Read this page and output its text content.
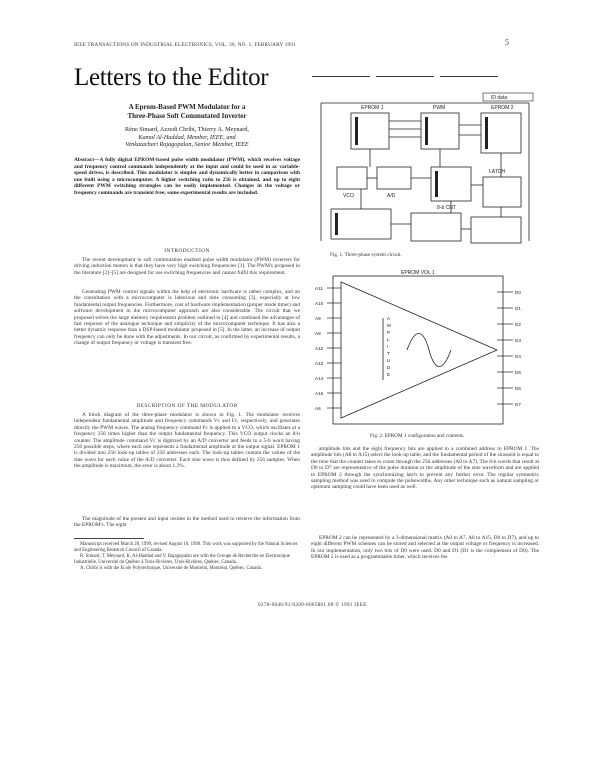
IEEE TRANSACTIONS ON INDUSTRIAL ELECTRONICS, VOL. 38, NO. 1, FEBRUARY 1991	5
Letters to the Editor
A Eprom-Based PWM Modulator for a
Three-Phase Soft Commutated Inverter
Réne Simard, Azzedi Chribi, Thierry A. Meynard,
Kamal Al-Haddad, Member, IEEE, and
Venkatachari Rajagopalan, Senior Member, IEEE
Abstract—A fully digital EPROM-based pulse width modulator (PWM), which receives voltage and frequency control commands independently at the input and could be used in ac variable-speed drives, is described. This modulator is simpler and dynamically better in comparison with one built using a microcomputer. A higher switching ratio to 256 is obtained, and up to eight different PWM switching strategies can be easily implemented. Changes in the voltage or frequency commands are transient free; some experimental results are included.
INTRODUCTION
The recent development in soft commutation enabled pulse width modulator (PWM) inverters for driving induction motors is that they have very high switching frequencies [1]. The PWM's proposed in the literature [2]–[5] are designed for use switching frequencies and cannot fulfil this requirement.
Generating PWM control signals within the help of electronic hardware is rather complex, and on the consultation with a microcomputer is laborious and time consuming [3], especially at low fundamental output frequencies. Furthermore, cost of hardware implementation (proper mode timer) and software development in the microcomputer approach are also considerable. The circuit that we proposed solves the large memory requirement problem outlined in [4] and combined the advantages of fast response of the analogue technique and simplicity of the microcomputer technique. It has also a better dynamic response than a DSP-based modulator proposed in [5]. In the latter, an increase of output frequency can only be done with the adjustments. In our circuit, as confirmed by experimental results, a change of output frequency or voltage is transient free.
DESCRIPTION OF THE MODULATOR
A block diagram of the three-phase modulator is shown in Fig. 1. The modulator receives independent fundamental amplitude and frequency commands Vc and Fc, respectively, and generates directly the PWM waves. The analog frequency command Fc is applied to a VCO, which oscillates at a frequency 256 times higher than the output fundamental frequency. This VCO output clocks an 8-b counter. The amplitude command Vc is digitized by an A/D converter and feeds to a 5-b word having 256 possible steps, where each one represents a fundamental amplitude at the output signal. EPROM 1 is divided into 256 look-up tables of 256 addresses each. The look-up tables contain the values of the sine wave for each value of the A/D converter. Each sine wave is thus defined by 256 samples. When the amplitude is maximum, the error is about 1.2%.
The magnitude of the present and input resides in the method used to retrieve the information from the EPROM's. The eight

Manuscript received March 28, 1990; revised August 10, 1990. This work was supported by the Natural Sciences and Engineering Research Council of Canada.

R. Simard, T. Meynard, K. Al-Haddad and V. Rajagopalan are with the Groupe de Recherche en Electronique Industrielle, Université du Québec à Trois-Rivières, Trois-Rivières, Québec, Canada.

A. Chribi is with the Ecole Polytechnique, Université de Montréal, Montréal, Québec, Canada.

ID data
EPROM 1	PWM	EPROM 2
VCO	A/D
8-b CNT
LATCH
Fig. 1. Three-phase system circuit.
EPROM VOL 1
A11
A10
A9
A8
A12
A13
A14
A15
A6
D0
D1
D2
D3
D4
D5
D6
D7
A
M
P
L
I
T
U
D
E
Fig. 2. EPROM 1 configuration and contents.
amplitude bits and the eight frequency bits are applied to a combined address to EPROM 1. The amplitude bits (A8 to A15) select the look-up table, and the fundamental period of the sinusoid is equal to the time that the counter takes to count through the 256 addresses (A0 to A7). The 8-b words that result at D0 to D7 are representative of the pulse duration or the amplitude of the sine waveform and are applied to EPROM 2 through the synchronizing latch to prevent any further error. The regular symmetric sampling method was used to compute the pulsewidths. Any other technique such as natural sampling or optimum sampling could have been used as well.
EPROM 2 can be represented by a 3-dimensional matrix (A0 to A7, A8 to A15, D0 to D7), and up to eight different PWM schemes can be stored and selected at the output voltage or frequency is increased. In our implementation, only two bits of D0 were used. D0 and D1 (D1 is the complement of D0). The EPROM 2 is used as a programmable timer, which receives the
0278-0046/91/0200-0005$01.00 © 1991 IEEE
